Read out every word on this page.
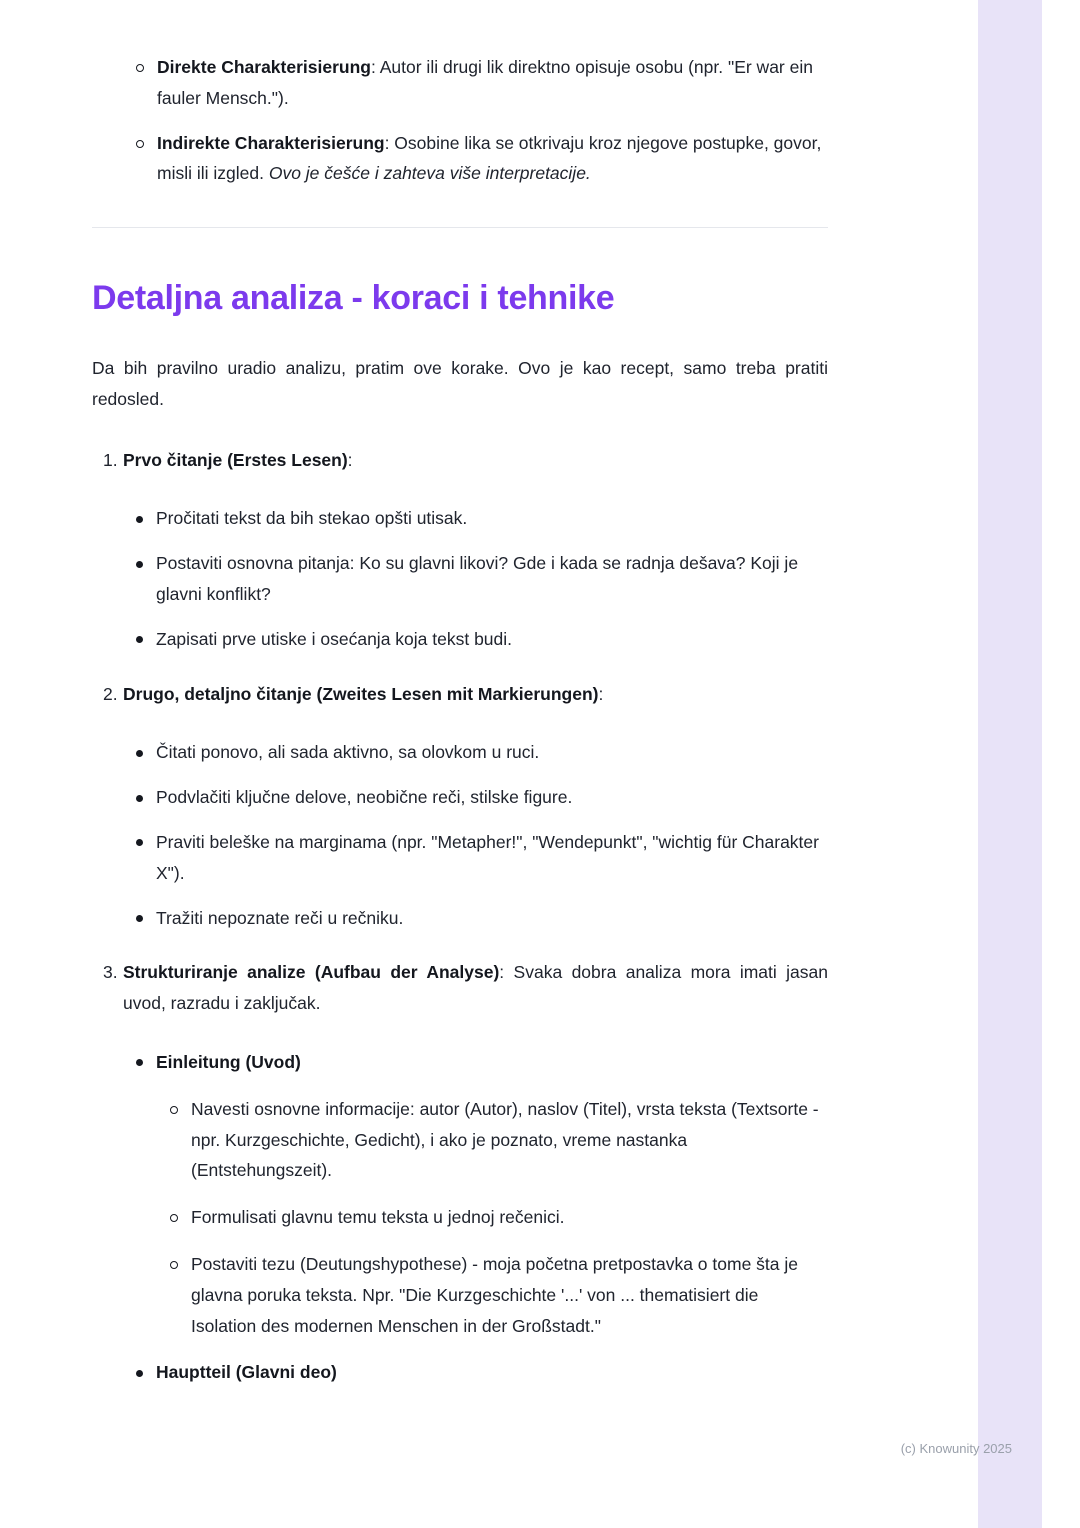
Direkte Charakterisierung: Autor ili drugi lik direktno opisuje osobu (npr. "Er war ein fauler Mensch.").

Indirekte Charakterisierung: Osobine lika se otkrivaju kroz njegove postupke, govor, misli ili izgled. Ovo je češće i zahteva više interpretacije.

Detaljna analiza - koraci i tehnike

Da bih pravilno uradio analizu, pratim ove korake. Ovo je kao recept, samo treba pratiti redosled.

1. Prvo čitanje (Erstes Lesen):

Pročitati tekst da bih stekao opšti utisak.

Postaviti osnovna pitanja: Ko su glavni likovi? Gde i kada se radnja dešava? Koji je glavni konflikt?

Zapisati prve utiske i osećanja koja tekst budi.

2. Drugo, detaljno čitanje (Zweites Lesen mit Markierungen):

Čitati ponovo, ali sada aktivno, sa olovkom u ruci.

Podvlačiti ključne delove, neobične reči, stilske figure.

Praviti beleške na marginama (npr. "Metapher!", "Wendepunkt", "wichtig für Charakter X").

Tražiti nepoznate reči u rečniku.

3. Strukturiranje analize (Aufbau der Analyse): Svaka dobra analiza mora imati jasan uvod, razradu i zaključak.

Einleitung (Uvod)

Navesti osnovne informacije: autor (Autor), naslov (Titel), vrsta teksta (Textsorte - npr. Kurzgeschichte, Gedicht), i ako je poznato, vreme nastanka (Entstehungszeit).

Formulisati glavnu temu teksta u jednoj rečenici.

Postaviti tezu (Deutungshypothese) - moja početna pretpostavka o tome šta je glavna poruka teksta. Npr. "Die Kurzgeschichte '...' von ... thematisiert die Isolation des modernen Menschen in der Großstadt."

Hauptteil (Glavni deo)

(c) Knowunity 2025
